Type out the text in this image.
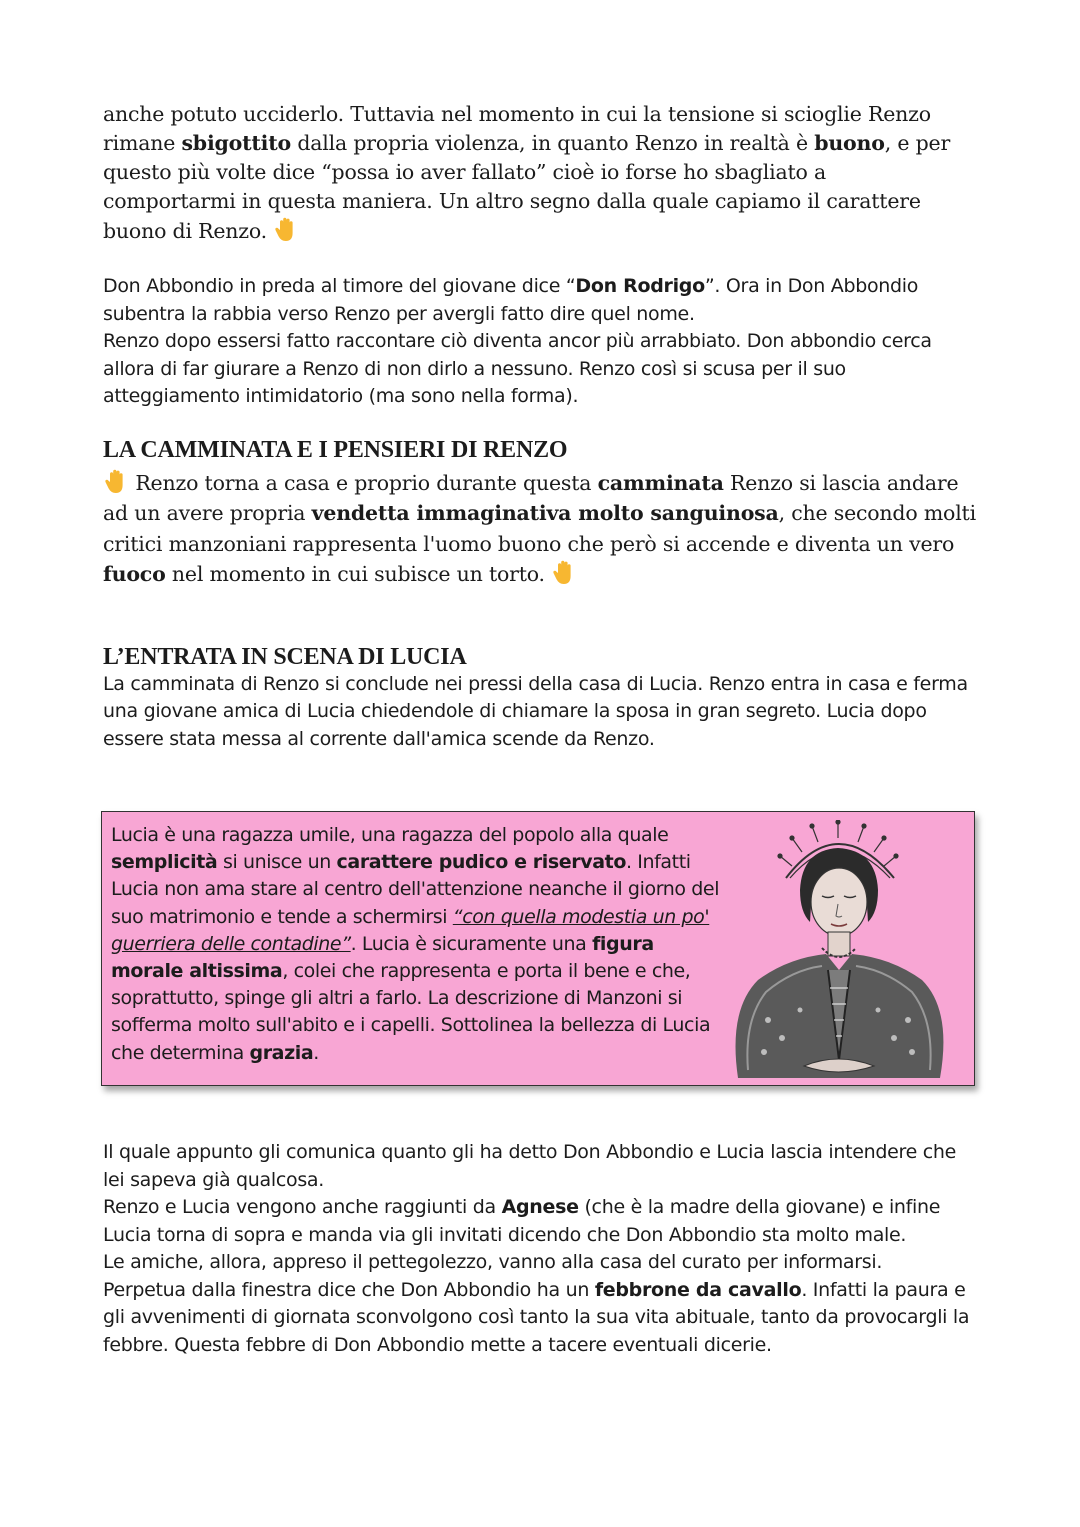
anche potuto ucciderlo. Tuttavia nel momento in cui la tensione si scioglie Renzo rimane sbigottito dalla propria violenza, in quanto Renzo in realtà è buono, e per questo più volte dice “possa io aver fallato” cioè io forse ho sbagliato a comportarmi in questa maniera. Un altro segno dalla quale capiamo il carattere buono di Renzo.

Don Abbondio in preda al timore del giovane dice “Don Rodrigo”. Ora in Don Abbondio subentra la rabbia verso Renzo per avergli fatto dire quel nome.
Renzo dopo essersi fatto raccontare ciò diventa ancor più arrabbiato. Don abbondio cerca allora di far giurare a Renzo di non dirlo a nessuno. Renzo così si scusa per il suo atteggiamento intimidatorio (ma sono nella forma).

LA CAMMINATA E I PENSIERI DI RENZO

Renzo torna a casa e proprio durante questa camminata Renzo si lascia andare ad un avere propria vendetta immaginativa molto sanguinosa, che secondo molti critici manzoniani rappresenta l'uomo buono che però si accende e diventa un vero fuoco nel momento in cui subisce un torto.

L’ENTRATA IN SCENA DI LUCIA

La camminata di Renzo si conclude nei pressi della casa di Lucia. Renzo entra in casa e ferma una giovane amica di Lucia chiedendole di chiamare la sposa in gran segreto. Lucia dopo essere stata messa al corrente dall'amica scende da Renzo.

Lucia è una ragazza umile, una ragazza del popolo alla quale semplicità si unisce un carattere pudico e riservato. Infatti Lucia non ama stare al centro dell'attenzione neanche il giorno del suo matrimonio e tende a schermirsi “con quella modestia un po' guerriera delle contadine”. Lucia è sicuramente una figura morale altissima, colei che rappresenta e porta il bene e che, soprattutto, spinge gli altri a farlo. La descrizione di Manzoni si sofferma molto sull'abito e i capelli. Sottolinea la bellezza di Lucia che determina grazia.

Il quale appunto gli comunica quanto gli ha detto Don Abbondio e Lucia lascia intendere che lei sapeva già qualcosa.
Renzo e Lucia vengono anche raggiunti da Agnese (che è la madre della giovane) e infine Lucia torna di sopra e manda via gli invitati dicendo che Don Abbondio sta molto male.
Le amiche, allora, appreso il pettegolezzo, vanno alla casa del curato per informarsi.
Perpetua dalla finestra dice che Don Abbondio ha un febbrone da cavallo. Infatti la paura e gli avvenimenti di giornata sconvolgono così tanto la sua vita abituale, tanto da provocargli la febbre. Questa febbre di Don Abbondio mette a tacere eventuali dicerie.
